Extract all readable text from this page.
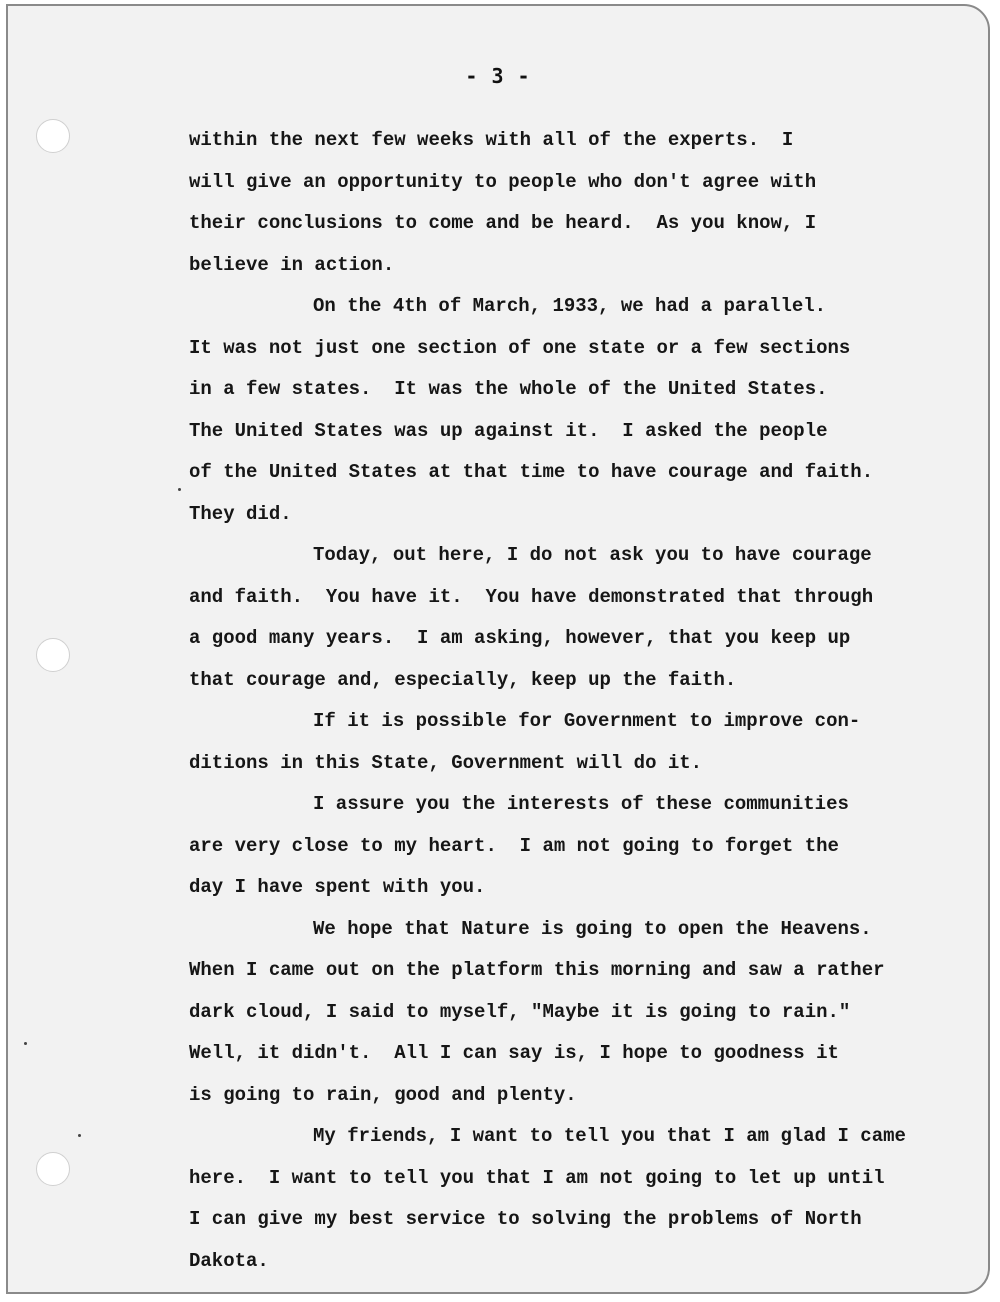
- 3 -
within the next few weeks with all of the experts.  I
will give an opportunity to people who don't agree with
their conclusions to come and be heard.  As you know, I
believe in action.
On the 4th of March, 1933, we had a parallel.
It was not just one section of one state or a few sections
in a few states.  It was the whole of the United States.
The United States was up against it.  I asked the people
of the United States at that time to have courage and faith.
They did.
Today, out here, I do not ask you to have courage
and faith.  You have it.  You have demonstrated that through
a good many years.  I am asking, however, that you keep up
that courage and, especially, keep up the faith.
If it is possible for Government to improve con-
ditions in this State, Government will do it.
I assure you the interests of these communities
are very close to my heart.  I am not going to forget the
day I have spent with you.
We hope that Nature is going to open the Heavens.
When I came out on the platform this morning and saw a rather
dark cloud, I said to myself, "Maybe it is going to rain."
Well, it didn't.  All I can say is, I hope to goodness it
is going to rain, good and plenty.
My friends, I want to tell you that I am glad I came
here.  I want to tell you that I am not going to let up until
I can give my best service to solving the problems of North
Dakota.
